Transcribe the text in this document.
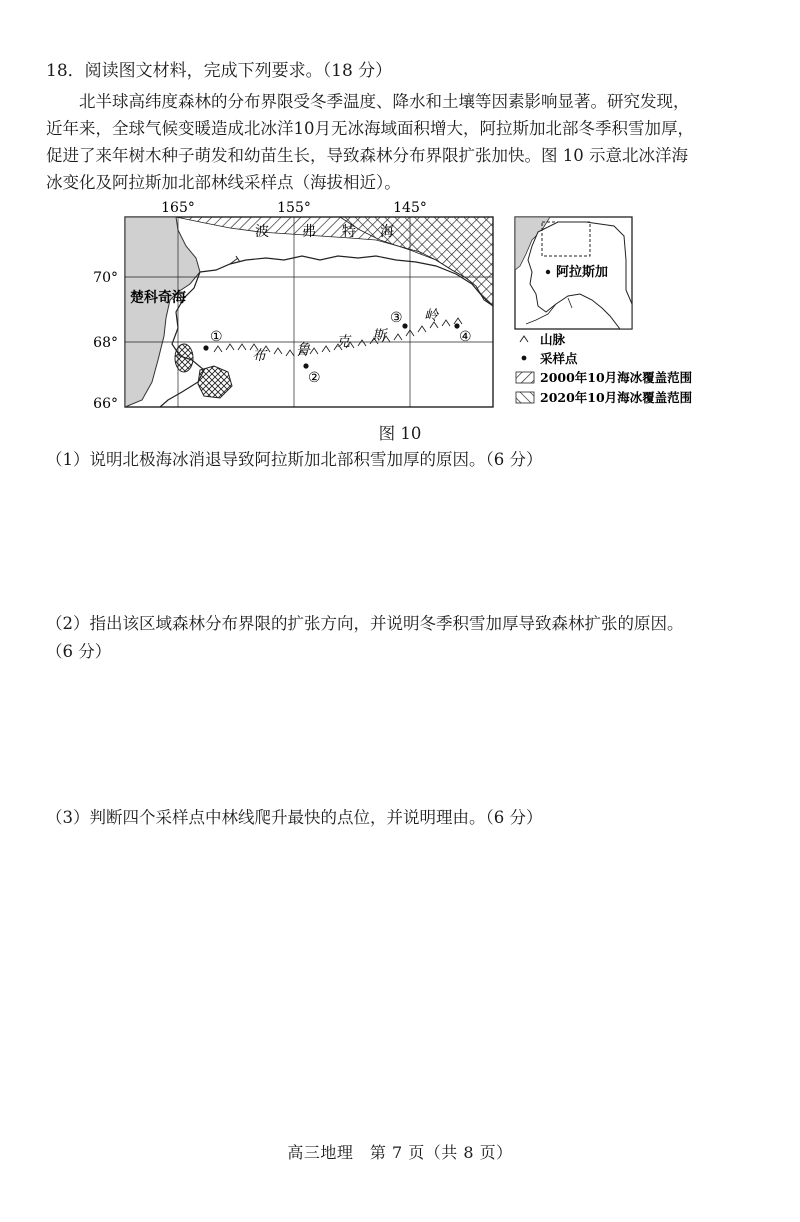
18．阅读图文材料，完成下列要求。（18 分）
北半球高纬度森林的分布界限受冬季温度、降水和土壤等因素影响显著。研究发现，
近年来，全球气候变暖造成北冰洋10月无冰海域面积增大，阿拉斯加北部冬季积雪加厚，
促进了来年树木种子萌发和幼苗生长，导致森林分布界限扩张加快。图 10 示意北冰洋海
冰变化及阿拉斯加北部林线采样点（海拔相近）。
165°	155°	145°
70°
68°
66°
楚科奇海
波 弗 特 海
布 鲁 克 斯
岭
①
②
③
④
阿拉斯加
山脉
采样点
2000年10月海冰覆盖范围
2020年10月海冰覆盖范围
图 10
（1）说明北极海冰消退导致阿拉斯加北部积雪加厚的原因。（6 分）
（2）指出该区域森林分布界限的扩张方向，并说明冬季积雪加厚导致森林扩张的原因。
（6 分）
（3）判断四个采样点中林线爬升最快的点位，并说明理由。（6 分）
高三地理　第 7 页（共 8 页）
